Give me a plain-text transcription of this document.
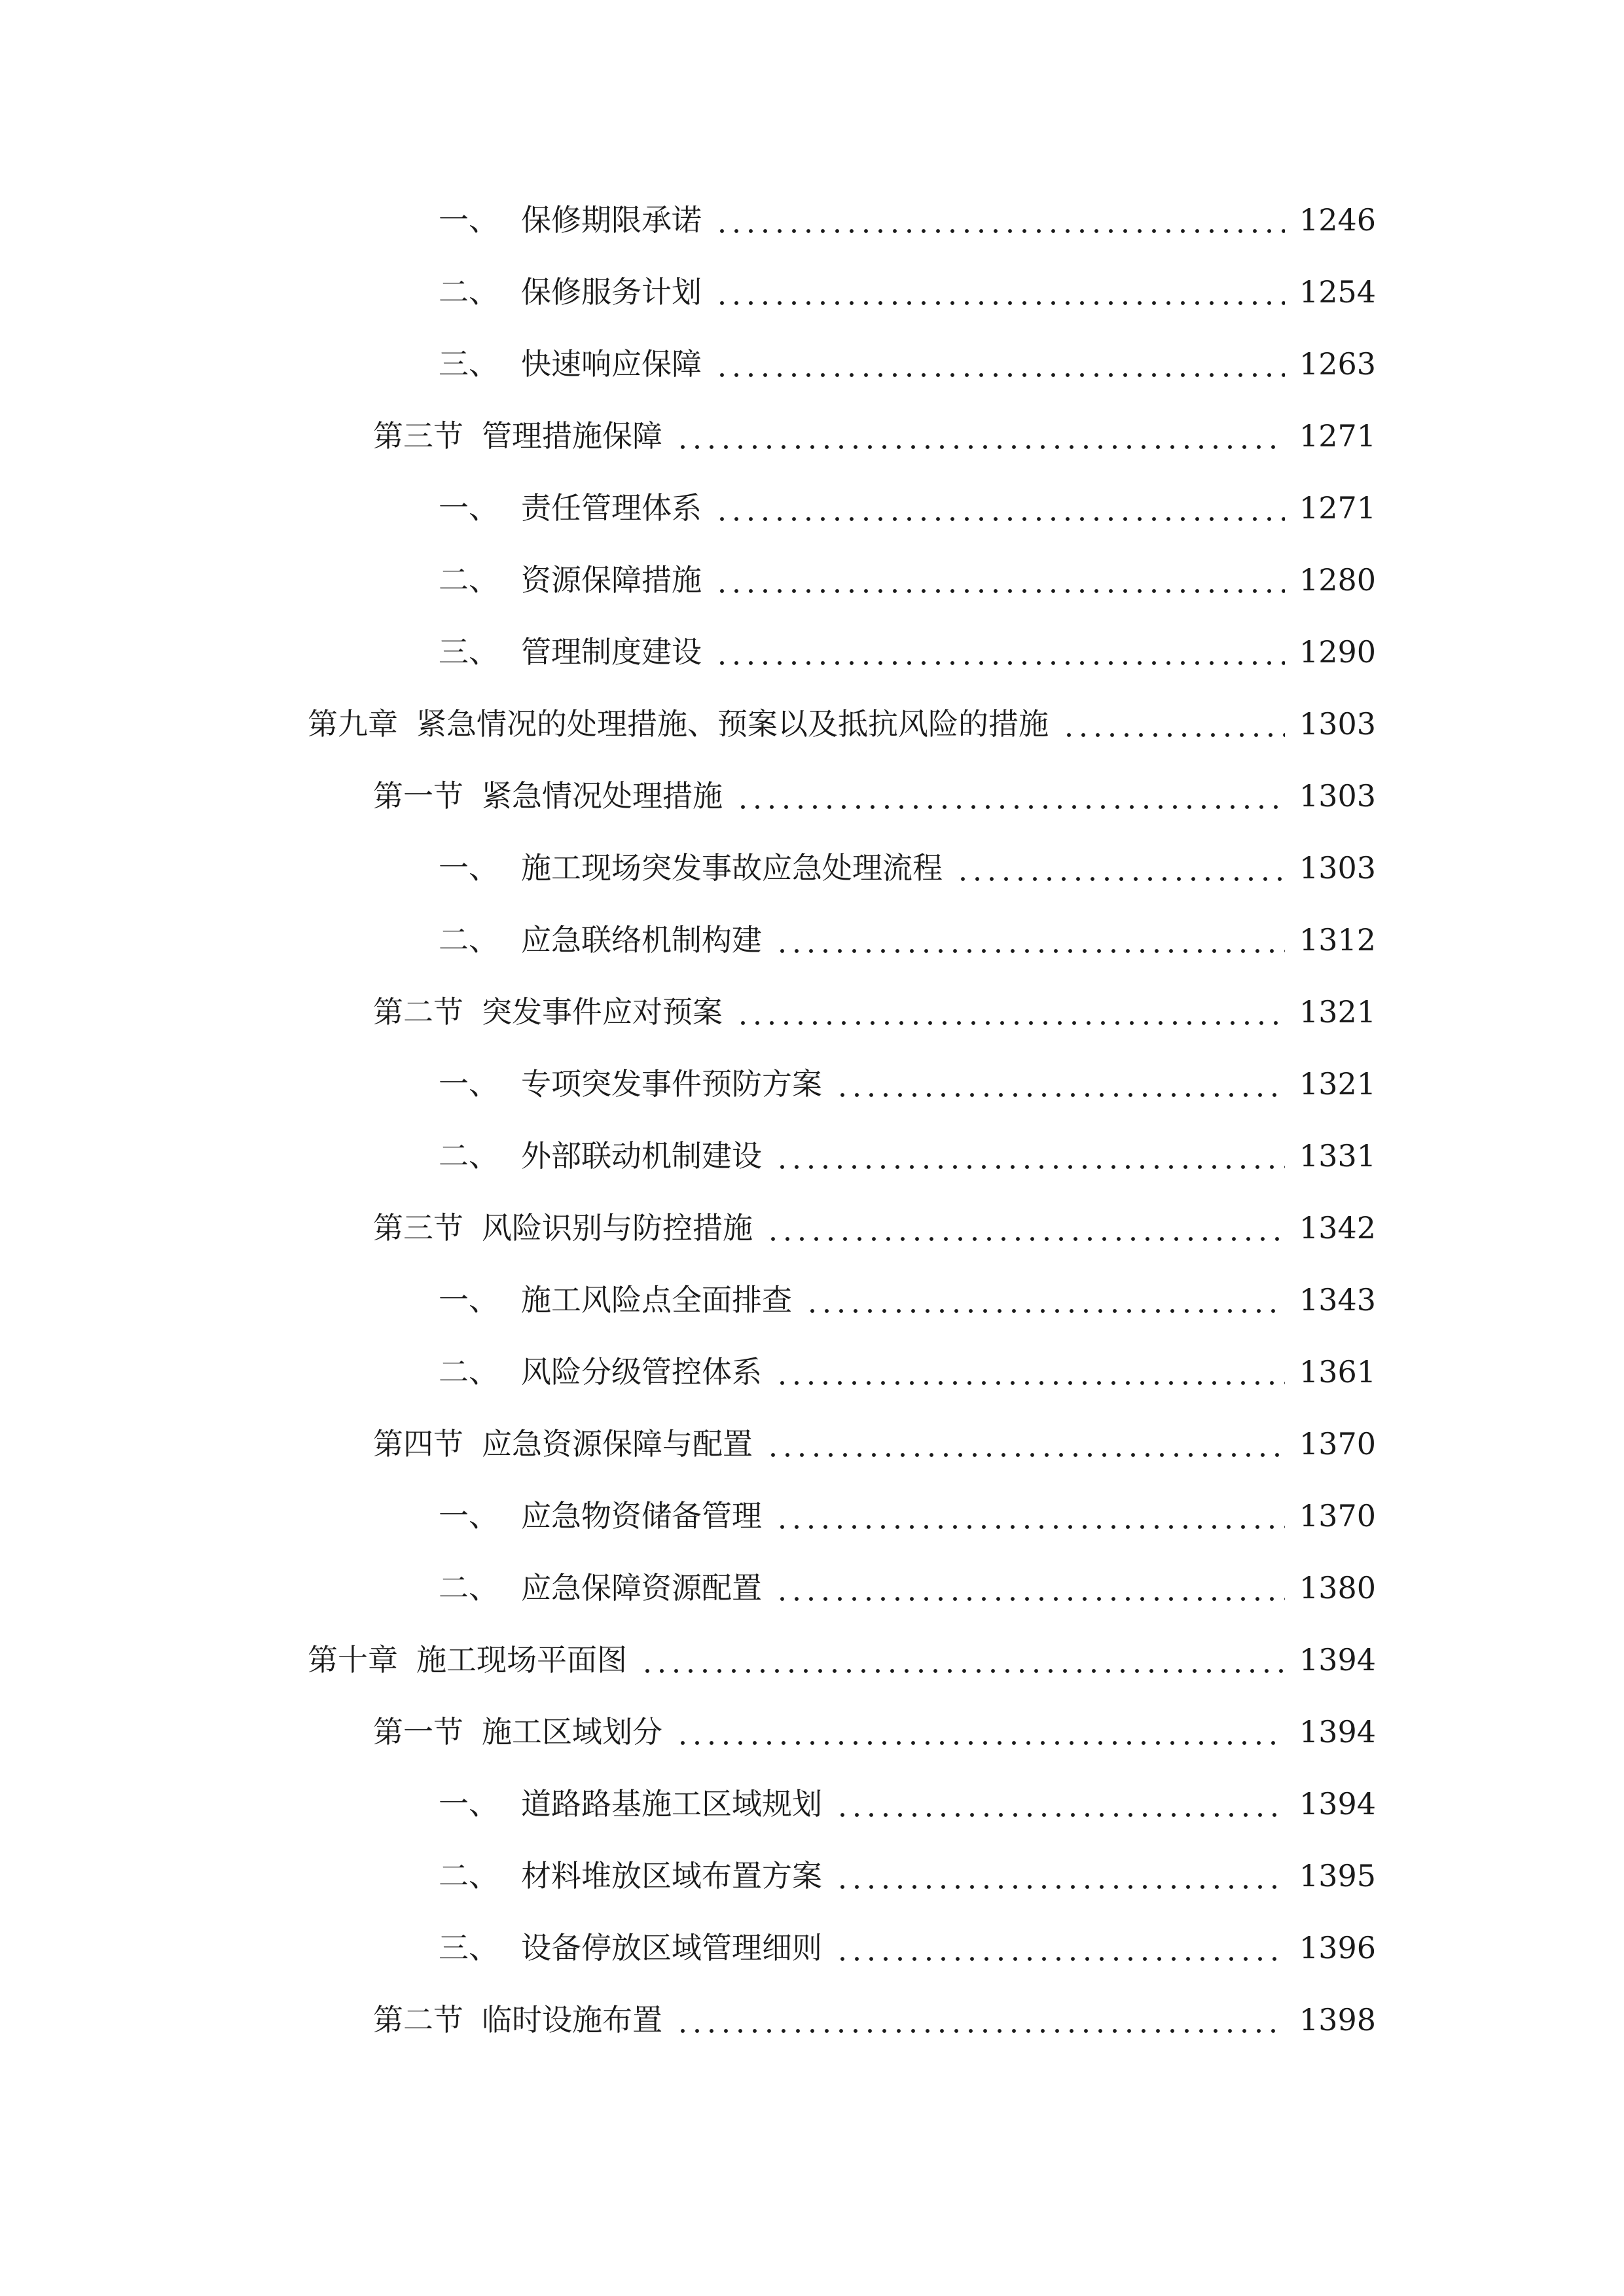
一、 保修期限承诺	1246
二、 保修服务计划	1254
三、 快速响应保障	1263
第三节 管理措施保障	1271
一、 责任管理体系	1271
二、 资源保障措施	1280
三、 管理制度建设	1290
第九章 紧急情况的处理措施、预案以及抵抗风险的措施	1303
第一节 紧急情况处理措施	1303
一、 施工现场突发事故应急处理流程	1303
二、 应急联络机制构建	1312
第二节 突发事件应对预案	1321
一、 专项突发事件预防方案	1321
二、 外部联动机制建设	1331
第三节 风险识别与防控措施	1342
一、 施工风险点全面排查	1343
二、 风险分级管控体系	1361
第四节 应急资源保障与配置	1370
一、 应急物资储备管理	1370
二、 应急保障资源配置	1380
第十章 施工现场平面图	1394
第一节 施工区域划分	1394
一、 道路路基施工区域规划	1394
二、 材料堆放区域布置方案	1395
三、 设备停放区域管理细则	1396
第二节 临时设施布置	1398
